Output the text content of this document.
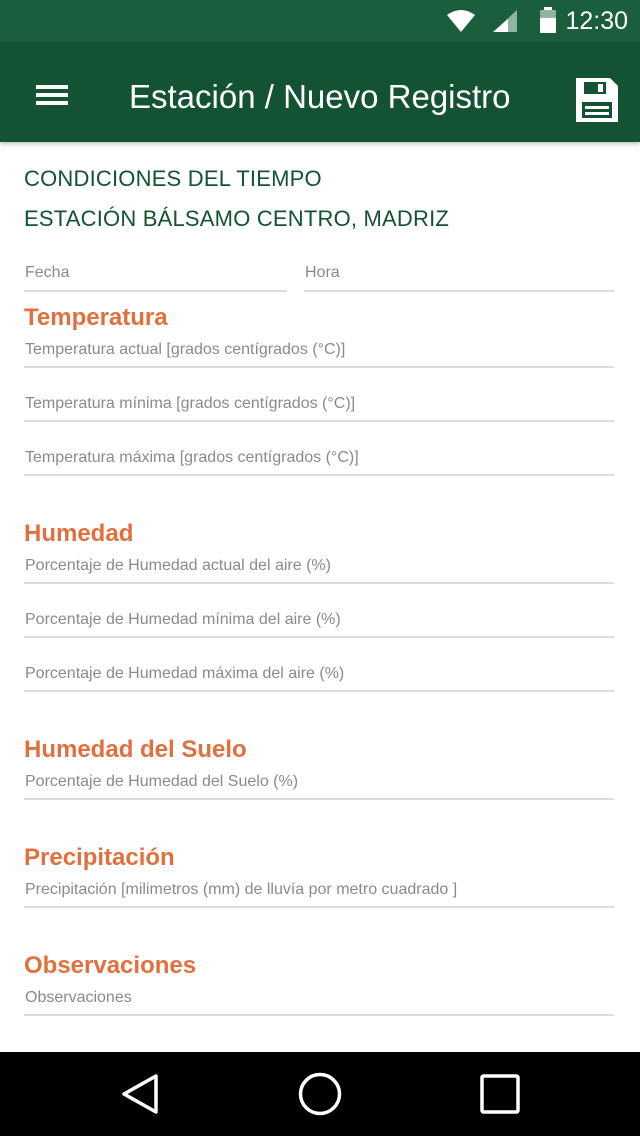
12:30
Estación / Nuevo Registro
CONDICIONES DEL TIEMPO
ESTACIÓN BÁLSAMO CENTRO, MADRIZ
Fecha
Hora
Temperatura
Temperatura actual [grados centígrados (°C)]
Temperatura mínima [grados centígrados (°C)]
Temperatura máxima [grados centígrados (°C)]
Humedad
Porcentaje de Humedad actual del aire (%)
Porcentaje de Humedad mínima del aire (%)
Porcentaje de Humedad máxima del aire (%)
Humedad del Suelo
Porcentaje de Humedad del Suelo (%)
Precipitación
Precipitación [milimetros (mm) de lluvía por metro cuadrado ]
Observaciones
Observaciones
